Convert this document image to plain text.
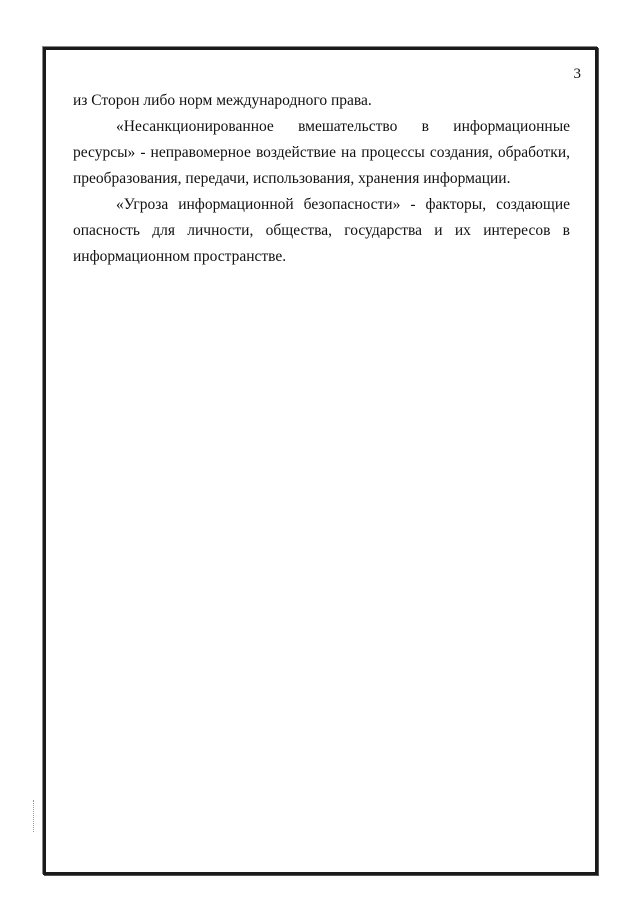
3

из Сторон либо норм международного права.

«Несанкционированное вмешательство в информационные ресурсы» - неправомерное воздействие на процессы создания, обработки, преобразования, передачи, использования, хранения информации.

«Угроза информационной безопасности» - факторы, создающие опасность для личности, общества, государства и их интересов в информационном пространстве.
